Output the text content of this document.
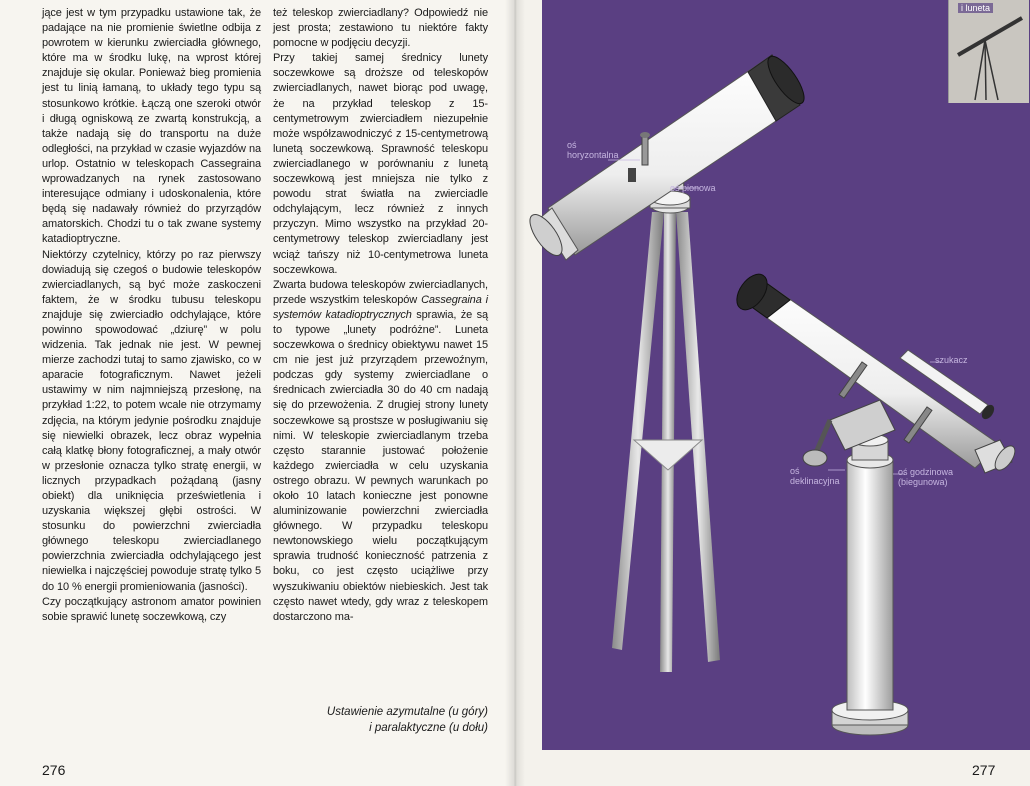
jące jest w tym przypadku ustawione tak, że padające na nie promienie świetlne odbija z powrotem w kierunku zwierciadła głównego, które ma w środku lukę, na wprost której znajduje się okular. Ponieważ bieg promienia jest tu linią łamaną, to układy tego typu są stosunkowo krótkie. Łączą one szeroki otwór i długą ogniskową ze zwartą konstrukcją, a także nadają się do transportu na duże odległości, na przykład w czasie wyjazdów na urlop. Ostatnio w teleskopach Cassegraina wprowadzanych na rynek zastosowano interesujące odmiany i udoskonalenia, które będą się nadawały również do przyrządów amatorskich. Chodzi tu o tak zwane systemy katadioptryczne.

Niektórzy czytelnicy, którzy po raz pierwszy dowiadują się czegoś o budowie teleskopów zwierciadlanych, są być może zaskoczeni faktem, że w środku tubusu teleskopu znajduje się zwierciadło odchylające, które powinno spowodować „dziurę” w polu widzenia. Tak jednak nie jest. W pewnej mierze zachodzi tutaj to samo zjawisko, co w aparacie fotograficznym. Nawet jeżeli ustawimy w nim najmniejszą przesłonę, na przykład 1:22, to potem wcale nie otrzymamy zdjęcia, na którym jedynie pośrodku znajduje się niewielki obrazek, lecz obraz wypełnia całą klatkę błony fotograficznej, a mały otwór w przesłonie oznacza tylko stratę energii, w licznych przypadkach pożądaną (jasny obiekt) dla uniknięcia prześwietlenia i uzyskania większej głębi ostrości. W stosunku do powierzchni zwierciadła głównego teleskopu zwierciadlanego powierzchnia zwierciadła odchylającego jest niewielka i najczęściej powoduje stratę tylko 5 do 10 % energii promieniowania (jasności).

Czy początkujący astronom amator powinien sobie sprawić lunetę soczewkową, czy

też teleskop zwierciadlany? Odpowiedź nie jest prosta; zestawiono tu niektóre fakty pomocne w podjęciu decyzji.

Przy takiej samej średnicy lunety soczewkowe są droższe od teleskopów zwierciadlanych, nawet biorąc pod uwagę, że na przykład teleskop z 15-centymetrowym zwierciadłem niezupełnie może współzawodniczyć z 15-centymetrową lunetą soczewkową. Sprawność teleskopu zwierciadlanego w porównaniu z lunetą soczewkową jest mniejsza nie tylko z powodu strat światła na zwierciadle odchylającym, lecz również z innych przyczyn. Mimo wszystko na przykład 20-centymetrowy teleskop zwierciadlany jest wciąż tańszy niż 10-centymetrowa luneta soczewkowa.

Zwarta budowa teleskopów zwierciadlanych, przede wszystkim teleskopów Cassegraina i systemów katadioptrycznych sprawia, że są to typowe „lunety podróżne”. Luneta soczewkowa o średnicy obiektywu nawet 15 cm nie jest już przyrządem przewoźnym, podczas gdy systemy zwierciadlane o średnicach zwierciadła 30 do 40 cm nadają się do przewożenia. Z drugiej strony lunety soczewkowe są prostsze w posługiwaniu się nimi. W teleskopie zwierciadlanym trzeba często starannie justować położenie każdego zwierciadła w celu uzyskania ostrego obrazu. W pewnych warunkach po około 10 latach konieczne jest ponowne aluminizowanie powierzchni zwierciadła głównego. W przypadku teleskopu newtonowskiego wielu początkującym sprawia trudność konieczność patrzenia z boku, co jest często uciążliwe przy wyszukiwaniu obiektów niebieskich. Jest tak często nawet wtedy, gdy wraz z teleskopem dostarczono ma-

Ustawienie azymutalne (u góry)
i paralaktyczne (u dołu)
276	277
oś
horyzontalna
oś pionowa
szukacz
oś
deklinacyjna
oś godzinowa
(biegunowa)
i luneta
